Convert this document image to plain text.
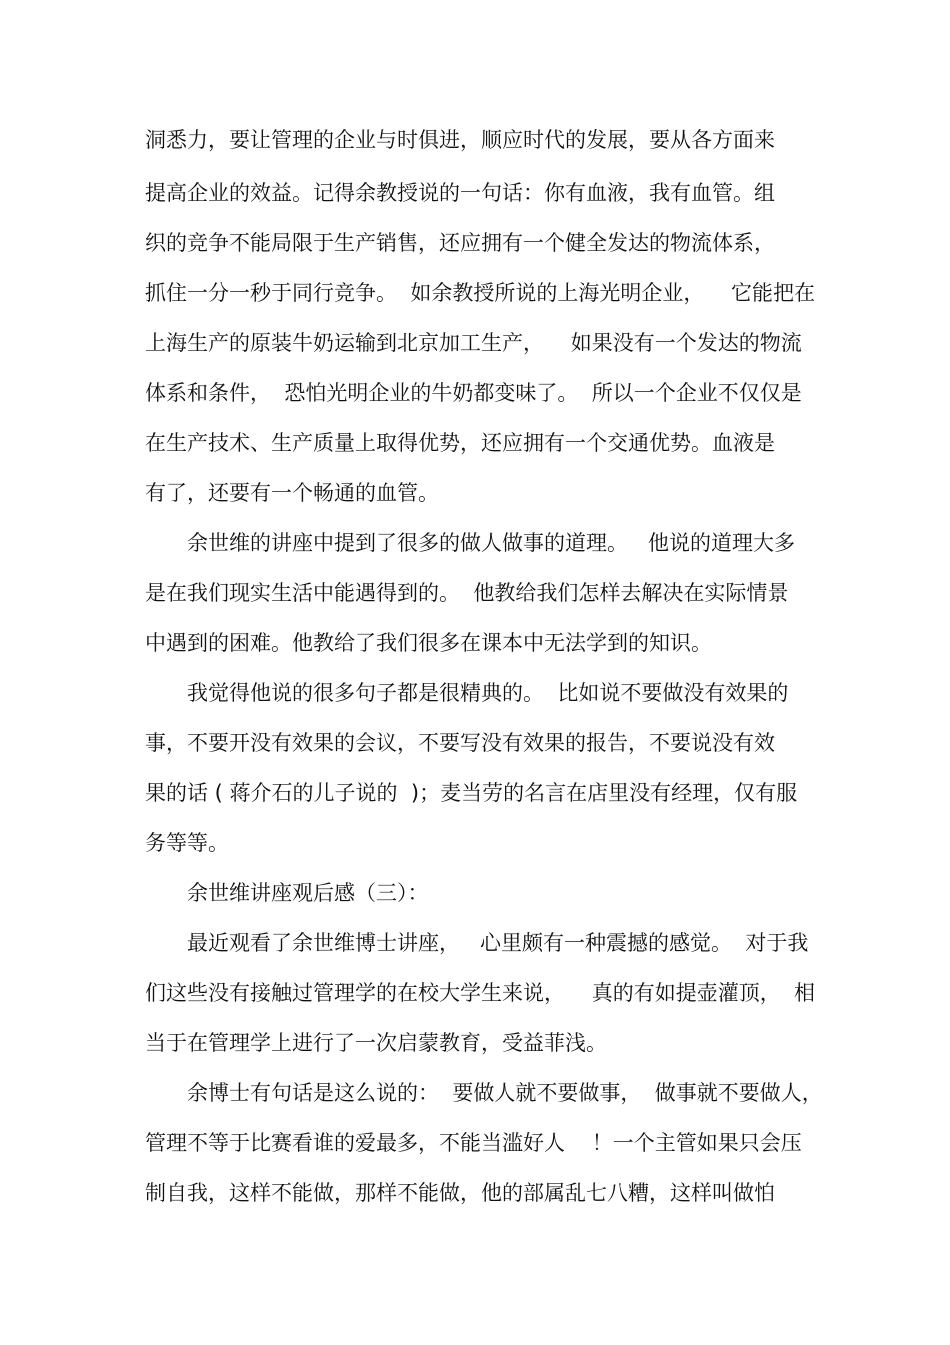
洞悉力，要让管理的企业与时俱进，顺应时代的发展，要从各方面来

提高企业的效益。记得余教授说的一句话：你有血液，我有血管。组

织的竞争不能局限于生产销售，还应拥有一个健全发达的物流体系，

抓住一分一秒于同行竞争。  如余教授所说的上海光明企业，    它能把在

上海生产的原装牛奶运输到北京加工生产，    如果没有一个发达的物流

体系和条件，  恐怕光明企业的牛奶都变味了。  所以一个企业不仅仅是

在生产技术、生产质量上取得优势，还应拥有一个交通优势。血液是

有了，还要有一个畅通的血管。

　　余世维的讲座中提到了很多的做人做事的道理。   他说的道理大多

是在我们现实生活中能遇得到的。  他教给我们怎样去解决在实际情景

中遇到的困难。他教给了我们很多在课本中无法学到的知识。

　　我觉得他说的很多句子都是很精典的。  比如说不要做没有效果的

事，不要开没有效果的会议，不要写没有效果的报告，不要说没有效

果的话 ( 蒋介石的儿子说的  )；麦当劳的名言在店里没有经理，仅有服

务等等。

　　余世维讲座观后感（三）：

　　最近观看了余世维博士讲座，   心里颇有一种震撼的感觉。  对于我

们这些没有接触过管理学的在校大学生来说，    真的有如提壶灌顶，  相

当于在管理学上进行了一次启蒙教育，受益菲浅。

　　余博士有句话是这么说的：  要做人就不要做事，  做事就不要做人，

管理不等于比赛看谁的爱最多，不能当滥好人    ！一个主管如果只会压

制自我，这样不能做，那样不能做，他的部属乱七八糟，这样叫做怕
